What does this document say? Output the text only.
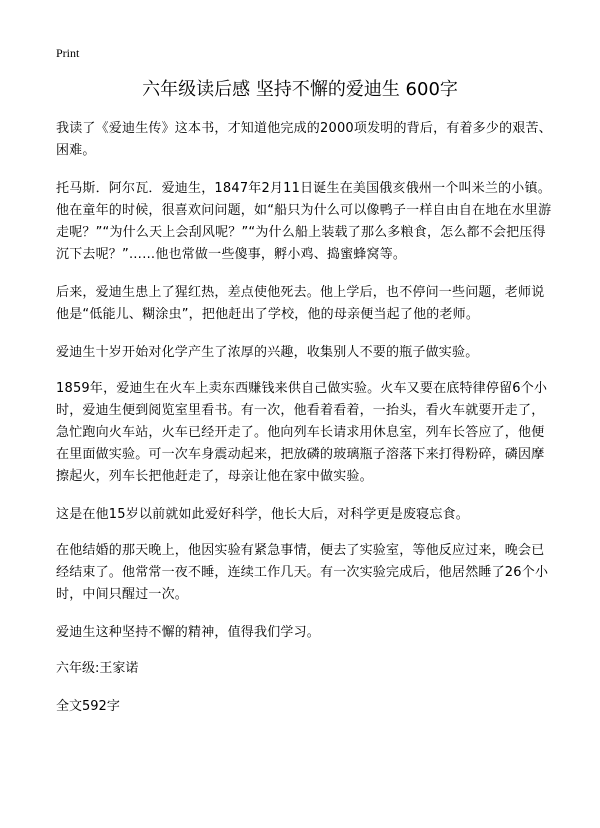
Print
六年级读后感 坚持不懈的爱迪生 600字

我读了《爱迪生传》这本书，才知道他完成的2000项发明的背后，有着多少的艰苦、困难。

托马斯．阿尔瓦．爱迪生，1847年2月11日诞生在美国俄亥俄州一个叫米兰的小镇。他在童年的时候，很喜欢问问题，如“船只为什么可以像鸭子一样自由自在地在水里游走呢？”“为什么天上会刮风呢？”“为什么船上装载了那么多粮食，怎么都不会把压得沉下去呢？”……他也常做一些傻事，孵小鸡、捣蜜蜂窝等。

后来，爱迪生患上了猩红热，差点使他死去。他上学后，也不停问一些问题，老师说他是“低能儿、糊涂虫”，把他赶出了学校，他的母亲便当起了他的老师。

爱迪生十岁开始对化学产生了浓厚的兴趣，收集别人不要的瓶子做实验。

1859年，爱迪生在火车上卖东西赚钱来供自己做实验。火车又要在底特律停留6个小时，爱迪生便到阅览室里看书。有一次，他看着看着，一抬头，看火车就要开走了，急忙跑向火车站，火车已经开走了。他向列车长请求用休息室，列车长答应了，他便在里面做实验。可一次车身震动起来，把放磷的玻璃瓶子溶落下来打得粉碎，磷因摩擦起火，列车长把他赶走了，母亲让他在家中做实验。

这是在他15岁以前就如此爱好科学，他长大后，对科学更是废寝忘食。

在他结婚的那天晚上，他因实验有紧急事情，便去了实验室，等他反应过来，晚会已经结束了。他常常一夜不睡，连续工作几天。有一次实验完成后，他居然睡了26个小时，中间只醒过一次。

爱迪生这种坚持不懈的精神，值得我们学习。

六年级:王家诺

全文592字
